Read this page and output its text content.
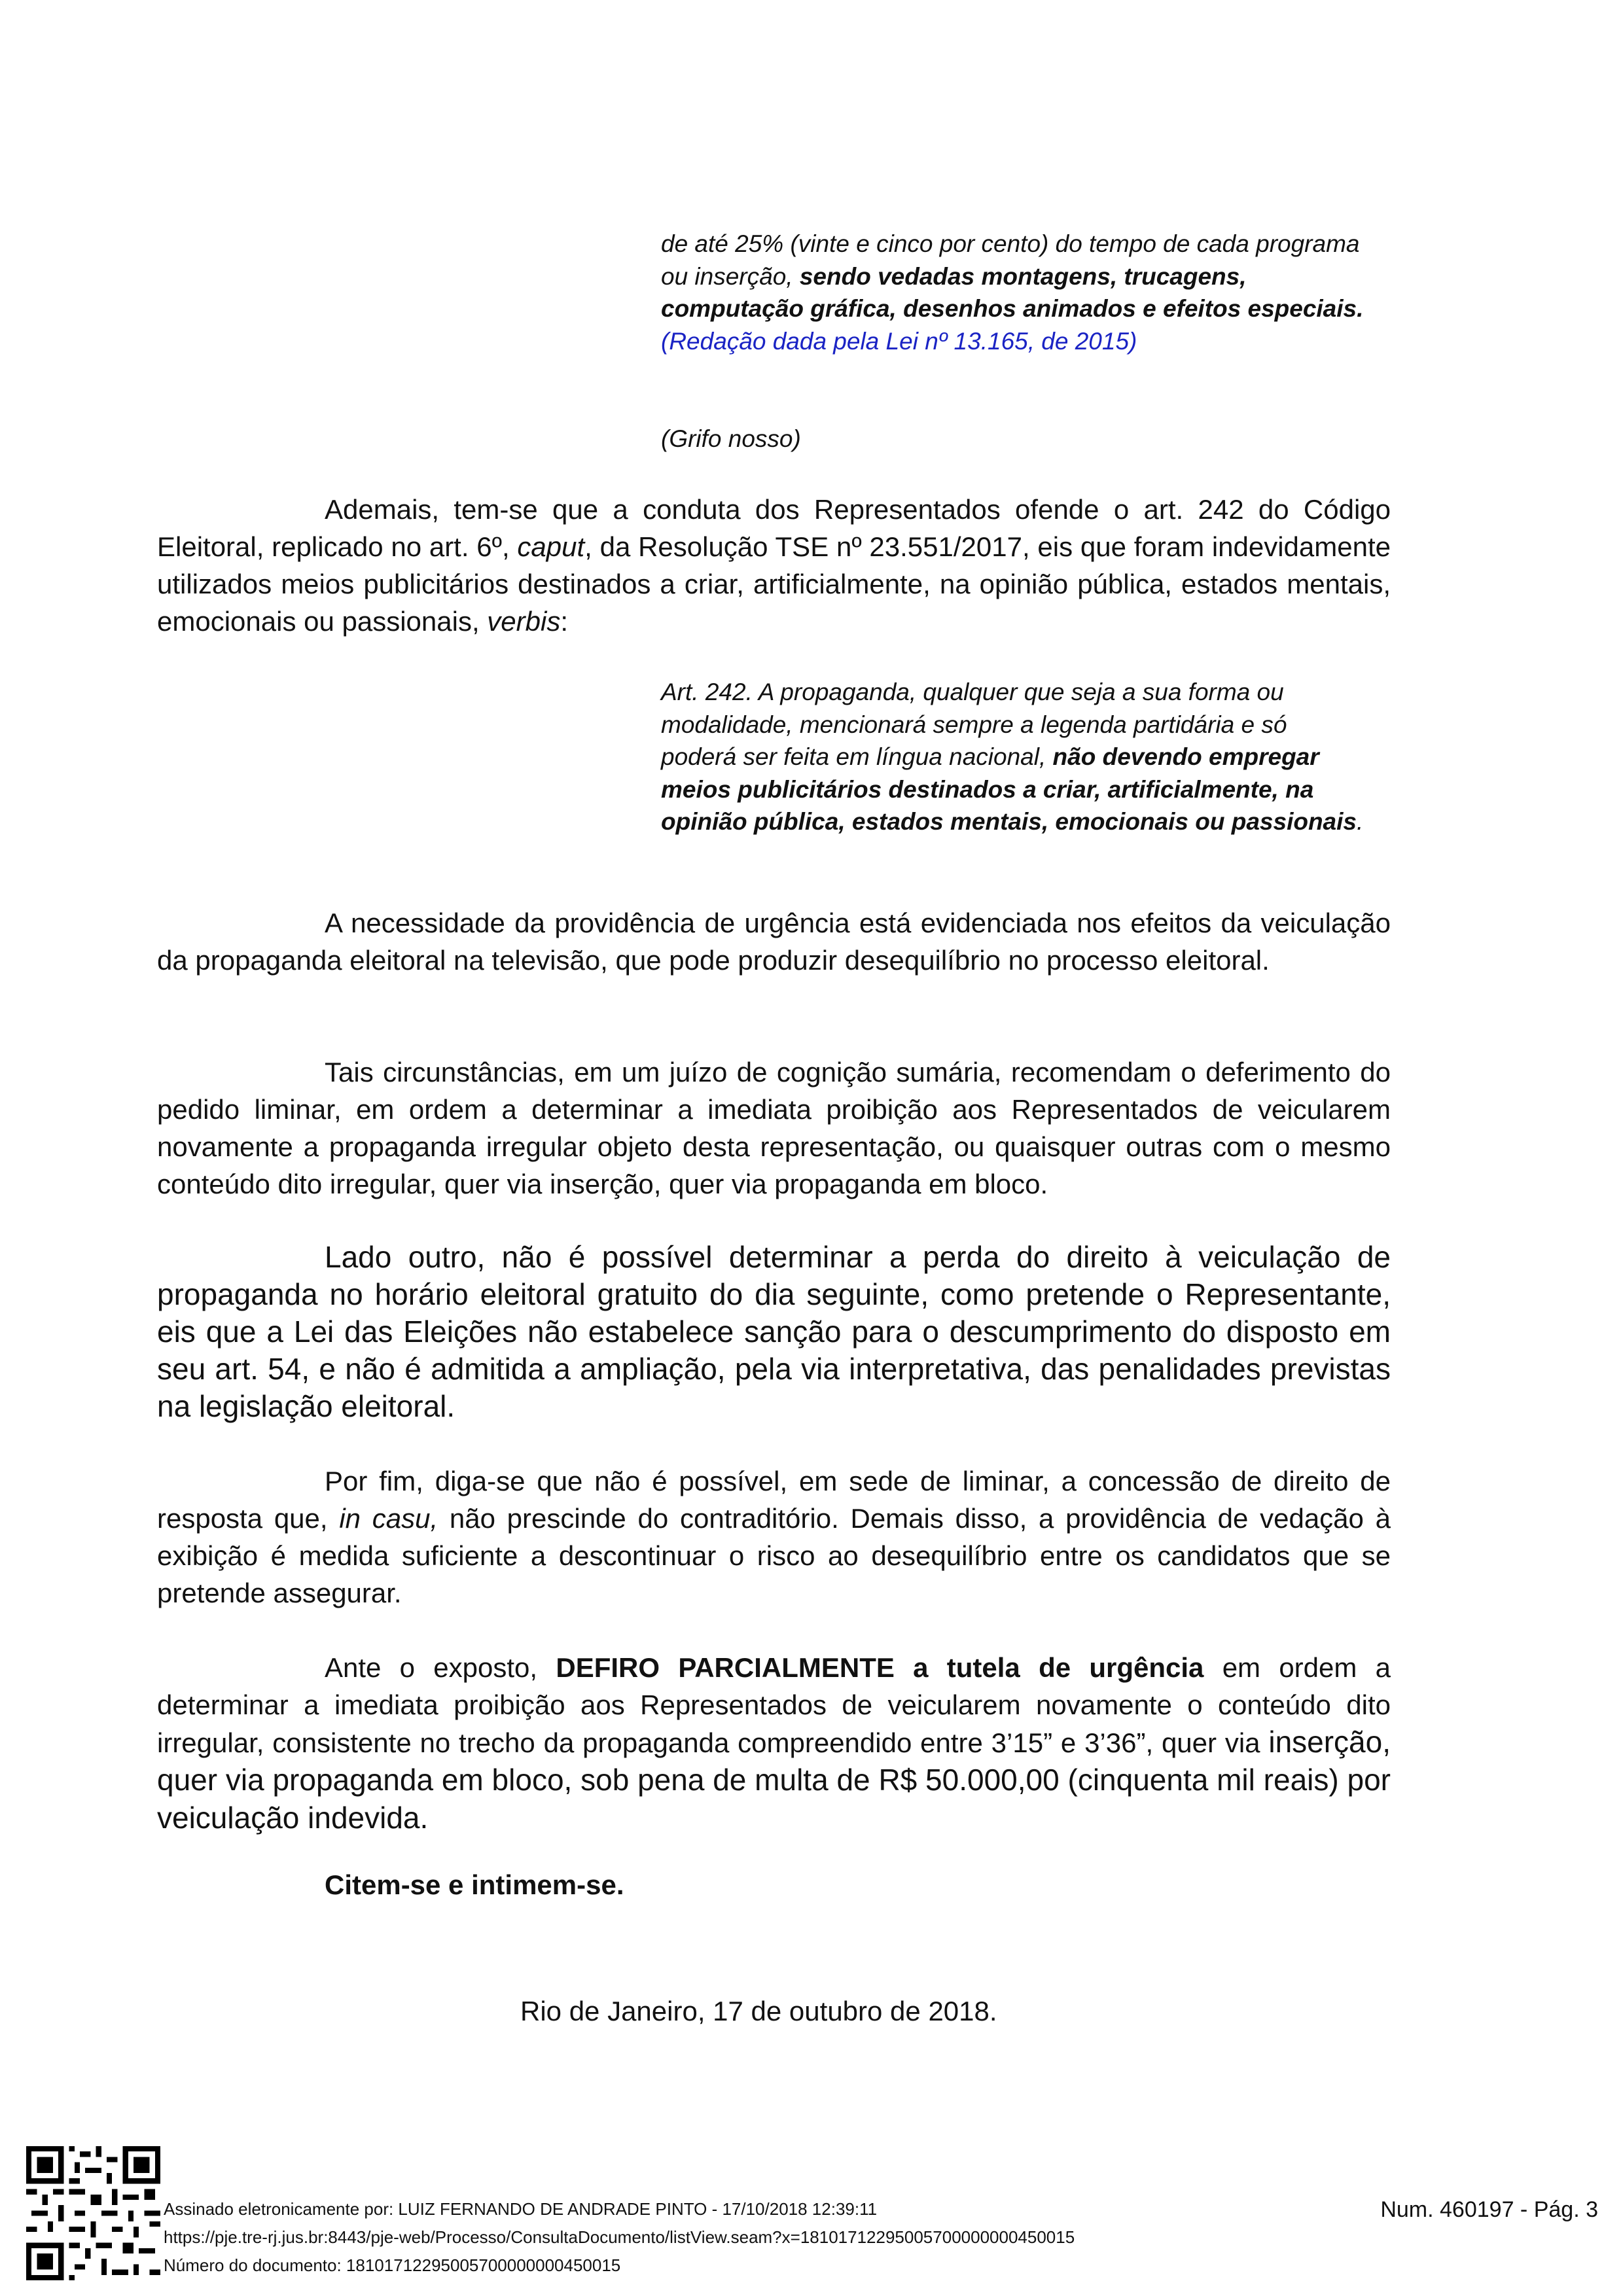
de até 25% (vinte e cinco por cento) do tempo de cada programa ou inserção, sendo vedadas montagens, trucagens, computação gráfica, desenhos animados e efeitos especiais. (Redação dada pela Lei nº 13.165, de 2015)
(Grifo nosso)
Ademais, tem-se que a conduta dos Representados ofende o art. 242 do Código Eleitoral, replicado no art. 6º, caput, da Resolução TSE nº 23.551/2017, eis que foram indevidamente utilizados meios publicitários destinados a criar, artificialmente, na opinião pública, estados mentais, emocionais ou passionais, verbis:
Art. 242. A propaganda, qualquer que seja a sua forma ou modalidade, mencionará sempre a legenda partidária e só poderá ser feita em língua nacional, não devendo empregar meios publicitários destinados a criar, artificialmente, na opinião pública, estados mentais, emocionais ou passionais.
A necessidade da providência de urgência está evidenciada nos efeitos da veiculação da propaganda eleitoral na televisão, que pode produzir desequilíbrio no processo eleitoral.
Tais circunstâncias, em um juízo de cognição sumária, recomendam o deferimento do pedido liminar, em ordem a determinar a imediata proibição aos Representados de veicularem novamente a propaganda irregular objeto desta representação, ou quaisquer outras com o mesmo conteúdo dito irregular, quer via inserção, quer via propaganda em bloco.
Lado outro, não é possível determinar a perda do direito à veiculação de propaganda no horário eleitoral gratuito do dia seguinte, como pretende o Representante, eis que a Lei das Eleições não estabelece sanção para o descumprimento do disposto em seu art. 54, e não é admitida a ampliação, pela via interpretativa, das penalidades previstas na legislação eleitoral.
Por fim, diga-se que não é possível, em sede de liminar, a concessão de direito de resposta que, in casu, não prescinde do contraditório. Demais disso, a providência de vedação à exibição é medida suficiente a descontinuar o risco ao desequilíbrio entre os candidatos que se pretende assegurar.
Ante o exposto, DEFIRO PARCIALMENTE a tutela de urgência em ordem a determinar a imediata proibição aos Representados de veicularem novamente o conteúdo dito irregular, consistente no trecho da propaganda compreendido entre 3’15” e 3’36”, quer via inserção, quer via propaganda em bloco, sob pena de multa de R$ 50.000,00 (cinquenta mil reais) por veiculação indevida.
Citem-se e intimem-se.
Rio de Janeiro, 17 de outubro de 2018.
Assinado eletronicamente por: LUIZ FERNANDO DE ANDRADE PINTO - 17/10/2018 12:39:11
https://pje.tre-rj.jus.br:8443/pje-web/Processo/ConsultaDocumento/listView.seam?x=18101712295005700000000450015
Número do documento: 18101712295005700000000450015
Num. 460197 - Pág. 3
